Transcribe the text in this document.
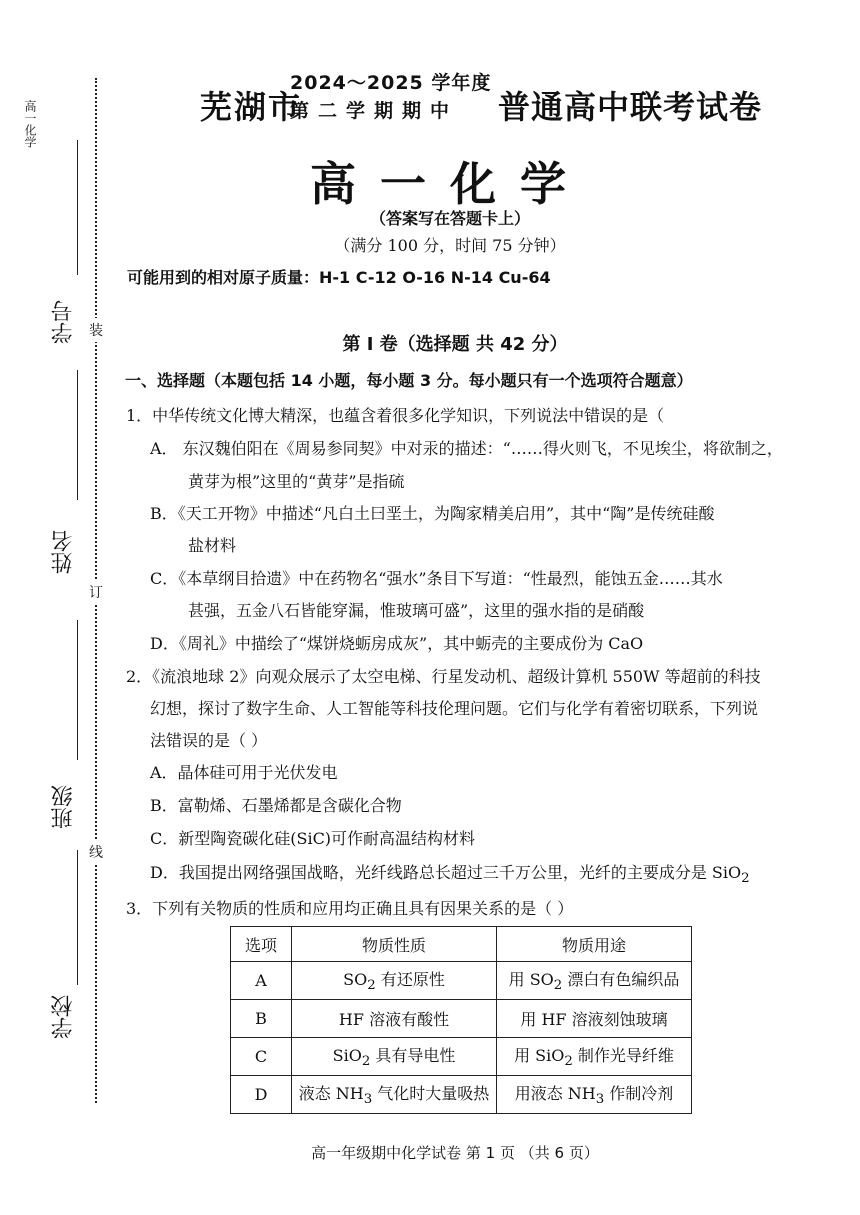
高一化学
装
订
线
学号
姓名
班级
学校
芜湖市
2024～2025 学年度
第二学期期中 普通高中联考试卷
高一化学
（答案写在答题卡上）
（满分 100 分，时间 75 分钟）
可能用到的相对原子质量：H-1 C-12 O-16 N-14 Cu-64
第 I 卷（选择题 共 42 分）
一、选择题（本题包括 14 小题，每小题 3 分。每小题只有一个选项符合题意）
1．中华传统文化博大精深，也蕴含着很多化学知识，下列说法中错误的是（
A． 东汉魏伯阳在《周易参同契》中对汞的描述：“……得火则飞，不见埃尘，将欲制之，
黄芽为根”这里的“黄芽”是指硫
B．《天工开物》中描述“凡白土曰垩土，为陶家精美启用”，其中“陶”是传统硅酸
盐材料
C．《本草纲目拾遗》中在药物名“强水”条目下写道：“性最烈，能蚀五金……其水
甚强，五金八石皆能穿漏，惟玻璃可盛”，这里的强水指的是硝酸
D．《周礼》中描绘了“煤饼烧蛎房成灰”，其中蛎壳的主要成份为 CaO
2．《流浪地球 2》向观众展示了太空电梯、行星发动机、超级计算机 550W 等超前的科技
幻想，探讨了数字生命、人工智能等科技伦理问题。它们与化学有着密切联系，下列说
法错误的是（ ）
A．晶体硅可用于光伏发电
B．富勒烯、石墨烯都是含碳化合物
C．新型陶瓷碳化硅(SiC)可作耐高温结构材料
D．我国提出网络强国战略，光纤线路总长超过三千万公里，光纤的主要成分是 SiO$_2$
3．下列有关物质的性质和应用均正确且具有因果关系的是（ ）
选项	物质性质	物质用途
A	$SO_2$ 有还原性	用 $SO_2$ 漂白有色编织品
B	HF 溶液有酸性	用 HF 溶液刻蚀玻璃
C	SiO$_2$ 具有导电性	用 SiO$_2$ 制作光导纤维
D	液态 $NH_3$ 气化时大量吸热	用液态 $NH_3$ 作制冷剂
高一年级期中化学试卷 第 1 页 （共 6 页）
